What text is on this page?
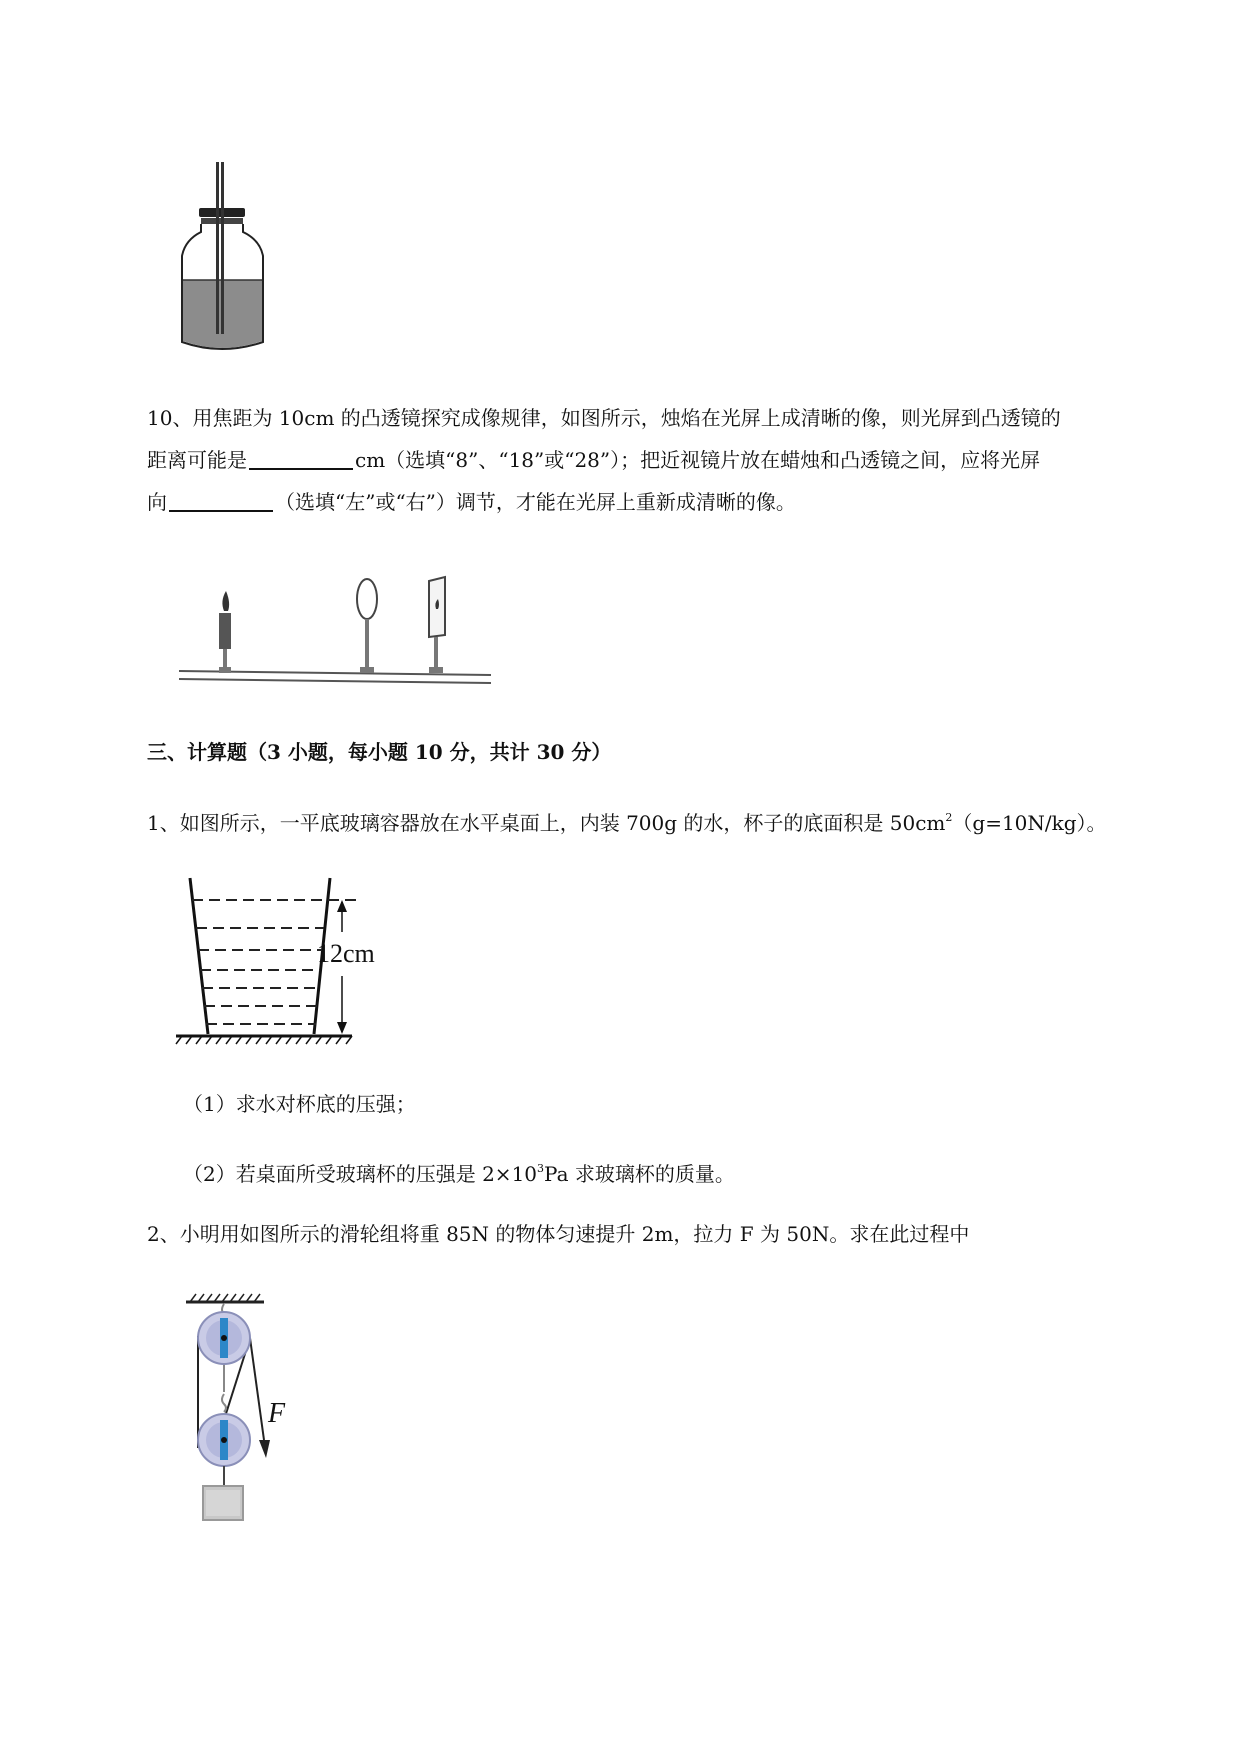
10、用焦距为 10cm 的凸透镜探究成像规律，如图所示，烛焰在光屏上成清晰的像，则光屏到凸透镜的
距离可能是	cm（选填“8”、“18”或“28”）；把近视镜片放在蜡烛和凸透镜之间，应将光屏
向	（选填“左”或“右”）调节，才能在光屏上重新成清晰的像。
三、计算题（3 小题，每小题 10 分，共计 30 分）
1、如图所示，一平底玻璃容器放在水平桌面上，内装 700g 的水，杯子的底面积是 $50cm^2(g=10N/kg)$。
12cm
（1）求水对杯底的压强；
（2）若桌面所受玻璃杯的压强是 $2\times 10^3Pa$ 求玻璃杯的质量。
2、小明用如图所示的滑轮组将重 85N 的物体匀速提升 2m，拉力 F 为 50N。求在此过程中
F
